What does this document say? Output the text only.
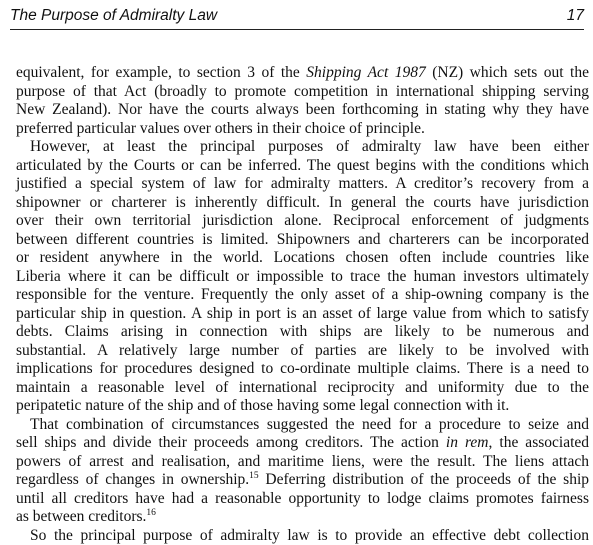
The Purpose of Admiralty Law	17
equivalent, for example, to section 3 of the Shipping Act 1987 (NZ) which sets out the
purpose of that Act (broadly to promote competition in international shipping serving
New Zealand). Nor have the courts always been forthcoming in stating why they have
preferred particular values over others in their choice of principle.
However, at least the principal purposes of admiralty law have been either
articulated by the Courts or can be inferred. The quest begins with the conditions which
justified a special system of law for admiralty matters. A creditor’s recovery from a
shipowner or charterer is inherently difficult. In general the courts have jurisdiction
over their own territorial jurisdiction alone. Reciprocal enforcement of judgments
between different countries is limited. Shipowners and charterers can be incorporated
or resident anywhere in the world. Locations chosen often include countries like
Liberia where it can be difficult or impossible to trace the human investors ultimately
responsible for the venture. Frequently the only asset of a ship-owning company is the
particular ship in question. A ship in port is an asset of large value from which to satisfy
debts. Claims arising in connection with ships are likely to be numerous and
substantial. A relatively large number of parties are likely to be involved with
implications for procedures designed to co-ordinate multiple claims. There is a need to
maintain a reasonable level of international reciprocity and uniformity due to the
peripatetic nature of the ship and of those having some legal connection with it.
That combination of circumstances suggested the need for a procedure to seize and
sell ships and divide their proceeds among creditors. The action in rem, the associated
powers of arrest and realisation, and maritime liens, were the result. The liens attach
regardless of changes in ownership.$^{15}$ Deferring distribution of the proceeds of the ship
until all creditors have had a reasonable opportunity to lodge claims promotes fairness
as between creditors.$^{16}$
So the principal purpose of admiralty law is to provide an effective debt collection
